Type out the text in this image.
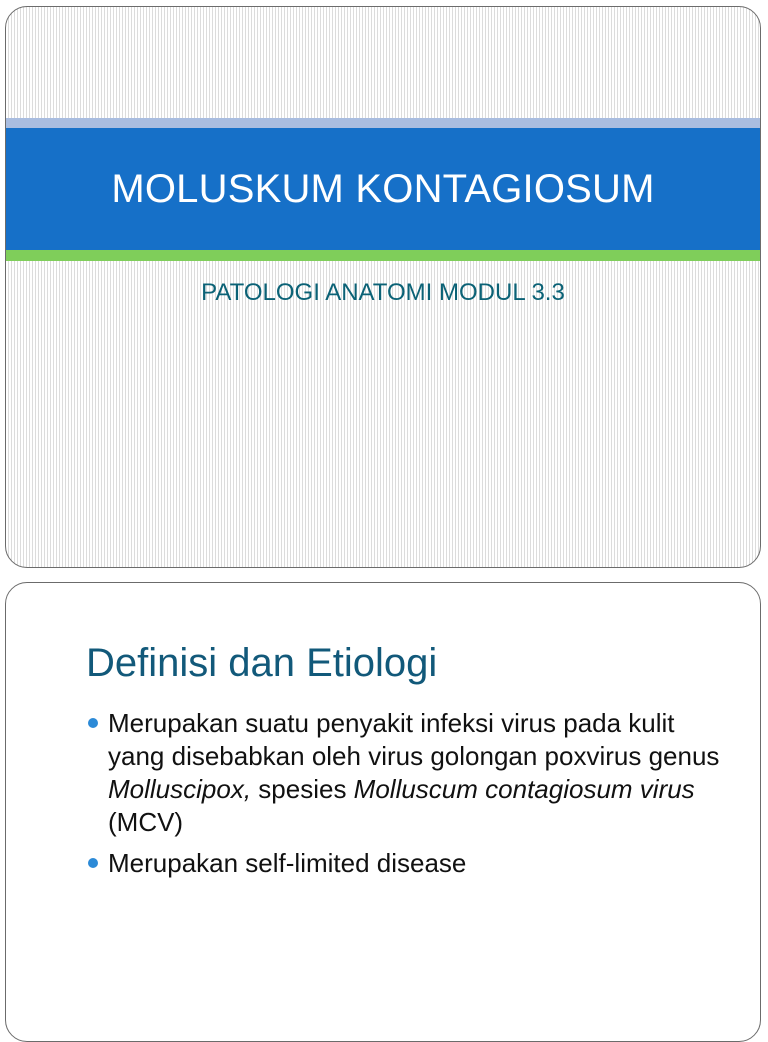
MOLUSKUM KONTAGIOSUM
PATOLOGI ANATOMI MODUL 3.3
Definisi dan Etiologi
Merupakan suatu penyakit infeksi virus pada kulit yang disebabkan oleh virus golongan poxvirus genus Molluscipox, spesies Molluscum contagiosum virus (MCV)
Merupakan self-limited disease
